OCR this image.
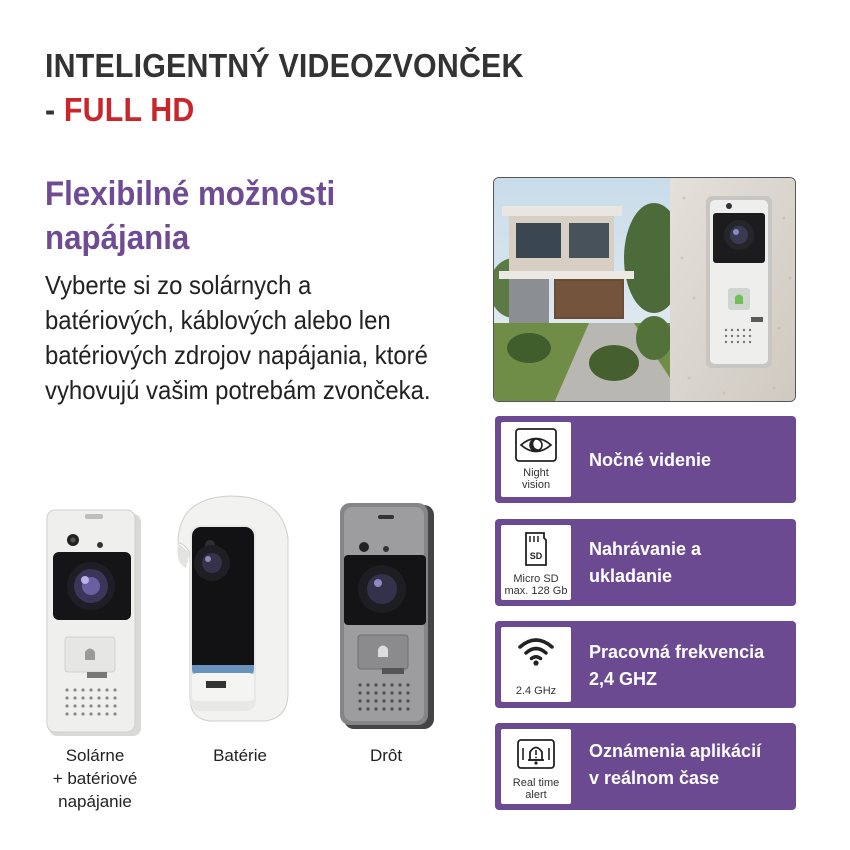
INTELIGENTNÝ VIDEOZVONČEK
- FULL HD
Flexibilné možnosti napájania
Vyberte si zo solárnych a batériových, káblových alebo len batériových zdrojov napájania, ktoré vyhovujú vašim potrebám zvončeka.
Night
vision
Nočné videnie
SD
Micro SD
max. 128 Gb
Nahrávanie a
ukladanie
2.4 GHz
Pracovná frekvencia
2,4 GHZ
Real time
alert
Oznámenia aplikácií
v reálnom čase
Solárne
+ batériové
napájanie
Batérie	Drôt
